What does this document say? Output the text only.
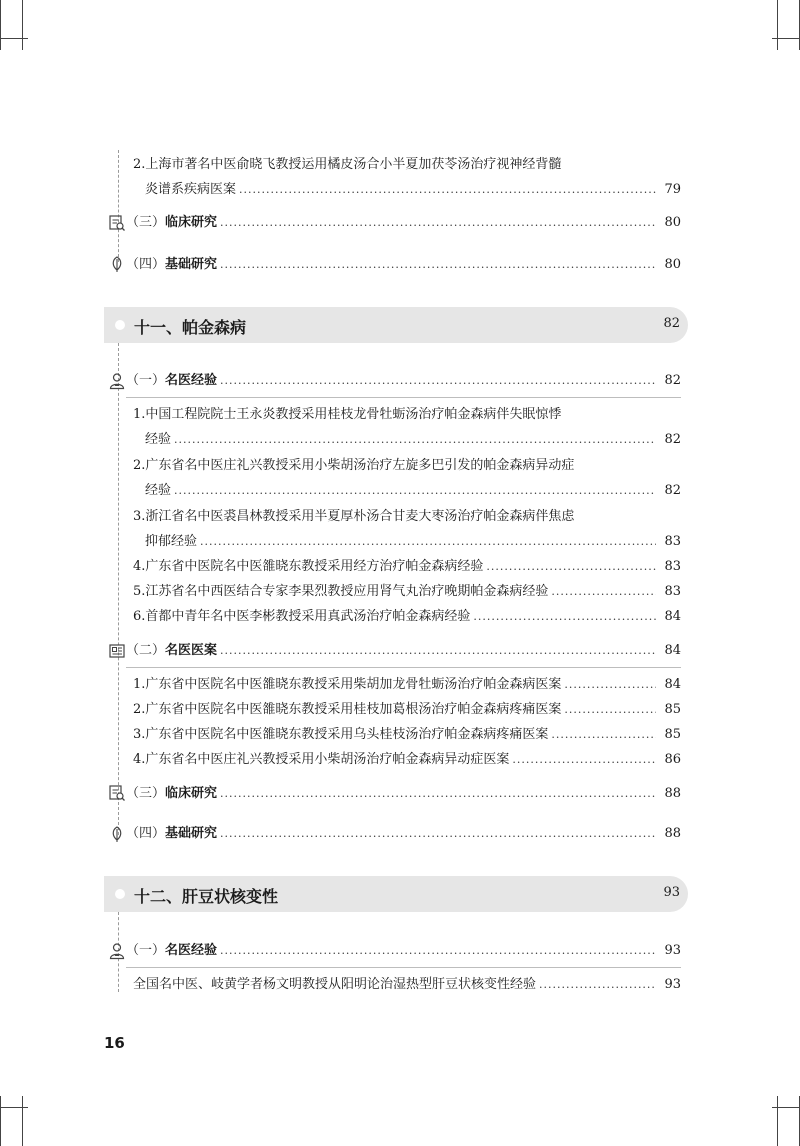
2.上海市著名中医俞晓飞教授运用橘皮汤合小半夏加茯苓汤治疗视神经背髓
炎谱系疾病医案 .....	79
（三）临床研究 .....	80
（四）基础研究 .....	80
十一、帕金森病	82
（一）名医经验 .....	82
1.中国工程院院士王永炎教授采用桂枝龙骨牡蛎汤治疗帕金森病伴失眠惊悸
经验 .....	82
2.广东省名中医庄礼兴教授采用小柴胡汤治疗左旋多巴引发的帕金森病异动症
经验 .....	82
3.浙江省名中医裘昌林教授采用半夏厚朴汤合甘麦大枣汤治疗帕金森病伴焦虑
抑郁经验 .....	83
4.广东省中医院名中医雒晓东教授采用经方治疗帕金森病经验 .....	83
5.江苏省名中西医结合专家李果烈教授应用肾气丸治疗晚期帕金森病经验 .....	83
6.首都中青年名中医李彬教授采用真武汤治疗帕金森病经验 .....	84
（二）名医医案 .....	84
1.广东省中医院名中医雒晓东教授采用柴胡加龙骨牡蛎汤治疗帕金森病医案 .....	84
2.广东省中医院名中医雒晓东教授采用桂枝加葛根汤治疗帕金森病疼痛医案 .....	85
3.广东省中医院名中医雒晓东教授采用乌头桂枝汤治疗帕金森病疼痛医案 .....	85
4.广东省名中医庄礼兴教授采用小柴胡汤治疗帕金森病异动症医案 .....	86
（三）临床研究 .....	88
（四）基础研究 .....	88
十二、肝豆状核变性	93
（一）名医经验 .....	93
全国名中医、岐黄学者杨文明教授从阳明论治湿热型肝豆状核变性经验 .....	93
16
